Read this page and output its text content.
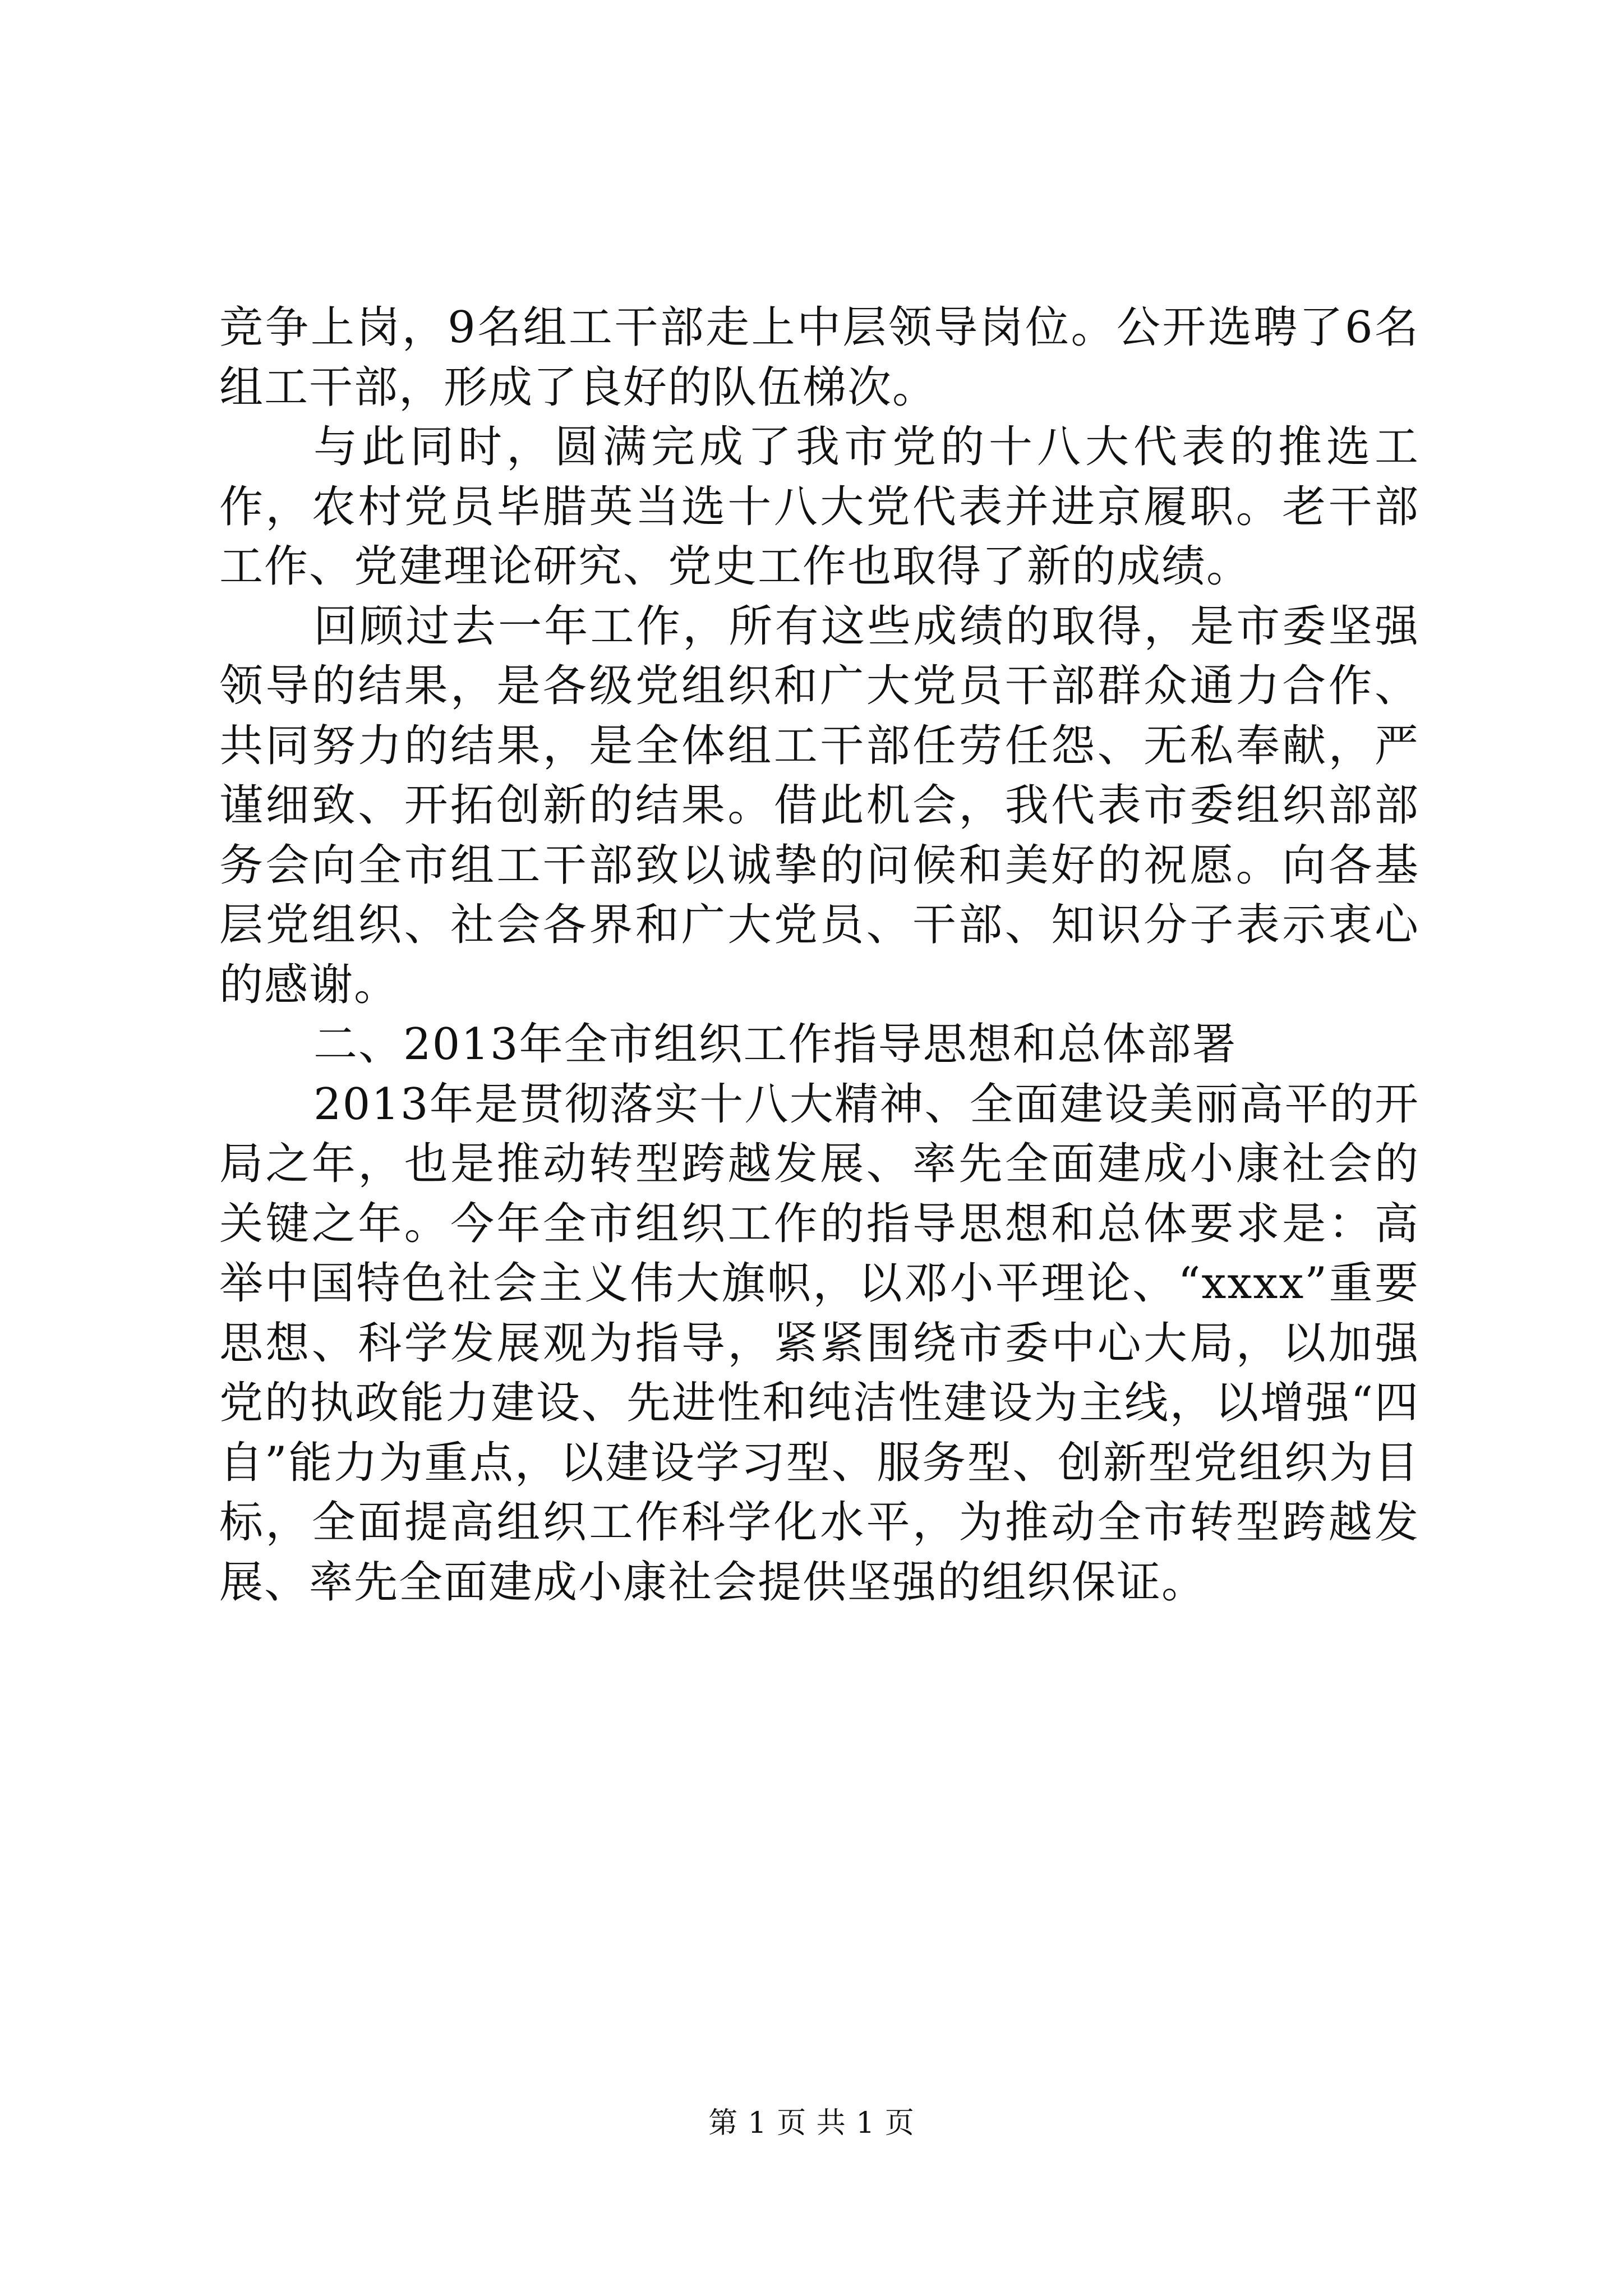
竞争上岗，9名组工干部走上中层领导岗位。公开选聘了6名组工干部，形成了良好的队伍梯次。

与此同时，圆满完成了我市党的十八大代表的推选工作，农村党员毕腊英当选十八大党代表并进京履职。老干部工作、党建理论研究、党史工作也取得了新的成绩。

回顾过去一年工作，所有这些成绩的取得，是市委坚强领导的结果，是各级党组织和广大党员干部群众通力合作、共同努力的结果，是全体组工干部任劳任怨、无私奉献，严谨细致、开拓创新的结果。借此机会，我代表市委组织部部务会向全市组工干部致以诚挚的问候和美好的祝愿。向各基层党组织、社会各界和广大党员、干部、知识分子表示衷心的感谢。

二、2013年全市组织工作指导思想和总体部署

2013年是贯彻落实十八大精神、全面建设美丽高平的开局之年，也是推动转型跨越发展、率先全面建成小康社会的关键之年。今年全市组织工作的指导思想和总体要求是：高举中国特色社会主义伟大旗帜，以邓小平理论、“xxxx”重要思想、科学发展观为指导，紧紧围绕市委中心大局，以加强党的执政能力建设、先进性和纯洁性建设为主线，以增强“四自”能力为重点，以建设学习型、服务型、创新型党组织为目标，全面提高组织工作科学化水平，为推动全市转型跨越发展、率先全面建成小康社会提供坚强的组织保证。

第 1 页 共 1 页
